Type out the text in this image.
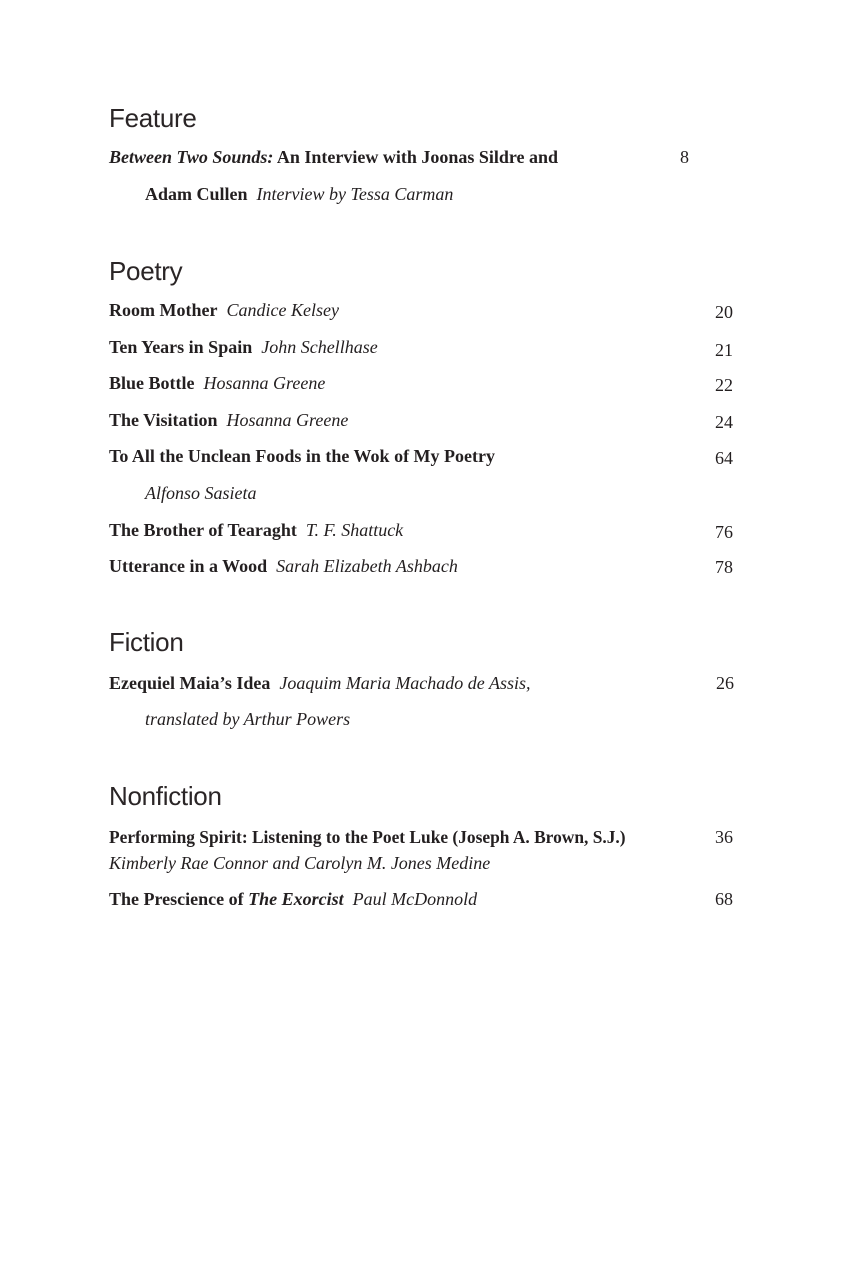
Feature
Between Two Sounds: An Interview with Joonas Sildre and	8
Adam Cullen Interview by Tessa Carman
Poetry
Room Mother Candice Kelsey	20
Ten Years in Spain John Schellhase	21
Blue Bottle Hosanna Greene	22
The Visitation Hosanna Greene	24
To All the Unclean Foods in the Wok of My Poetry	64
Alfonso Sasieta
The Brother of Tearaght T. F. Shattuck	76
Utterance in a Wood Sarah Elizabeth Ashbach	78
Fiction
Ezequiel Maia’s Idea Joaquim Maria Machado de Assis,	26
translated by Arthur Powers
Nonfiction
Performing Spirit: Listening to the Poet Luke (Joseph A. Brown, S.J.)	36
Kimberly Rae Connor and Carolyn M. Jones Medine
The Prescience of The Exorcist Paul McDonnold	68
